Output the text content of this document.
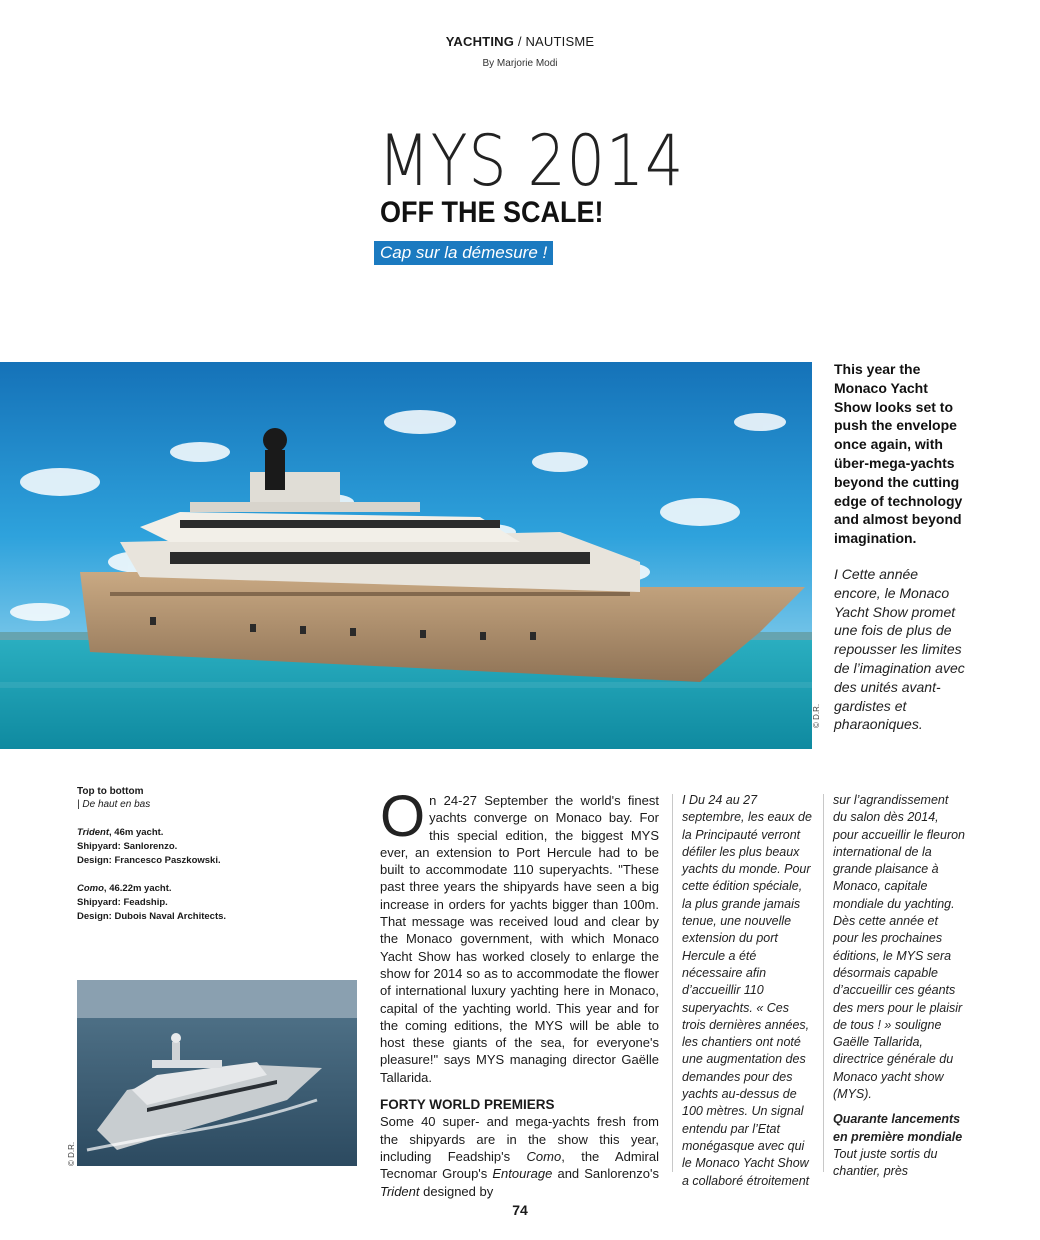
YACHTING / NAUTISME
By Marjorie Modi
MYS 2014
OFF THE SCALE!
Cap sur la démesure !
© D.R.
This year the Monaco Yacht Show looks set to push the envelope once again, with über-mega-yachts beyond the cutting edge of technology and almost beyond imagination.
I Cette année encore, le Monaco Yacht Show promet une fois de plus de repousser les limites de l’imagination avec des unités avant-gardistes et pharaoniques.
Top to bottom
| De haut en bas
Trident, 46m yacht.
Shipyard: Sanlorenzo.
Design: Francesco Paszkowski.
Como, 46.22m yacht.
Shipyard: Feadship.
Design: Dubois Naval Architects.
© D.R.

On 24-27 September the world's finest yachts converge on Monaco bay. For this special edition, the biggest MYS ever, an extension to Port Hercule had to be built to accommodate 110 superyachts. "These past three years the shipyards have seen a big increase in orders for yachts bigger than 100m. That message was received loud and clear by the Monaco government, with which Monaco Yacht Show has worked closely to enlarge the show for 2014 so as to accommodate the flower of international luxury yachting here in Monaco, capital of the yachting world. This year and for the coming editions, the MYS will be able to host these giants of the sea, for everyone's pleasure!" says MYS managing director Gaëlle Tallarida.

FORTY WORLD PREMIERS

Some 40 super- and mega-yachts fresh from the shipyards are in the show this year, including Feadship's Como, the Admiral Tecnomar Group's Entourage and Sanlorenzo's Trident designed by

I Du 24 au 27 septembre, les eaux de la Principauté verront défiler les plus beaux yachts du monde. Pour cette édition spéciale, la plus grande jamais tenue, une nouvelle extension du port Hercule a été nécessaire afin d’accueillir 110 superyachts. « Ces trois dernières années, les chantiers ont noté une augmentation des demandes pour des yachts au-dessus de 100 mètres. Un signal entendu par l’Etat monégasque avec qui le Monaco Yacht Show a collaboré étroitement

sur l’agrandissement du salon dès 2014, pour accueillir le fleuron international de la grande plaisance à Monaco, capitale mondiale du yachting. Dès cette année et pour les prochaines éditions, le MYS sera désormais capable d’accueillir ces géants des mers pour le plaisir de tous ! » souligne Gaëlle Tallarida, directrice générale du Monaco yacht show (MYS).

Quarante lancements en première mondiale

Tout juste sortis du chantier, près

74
